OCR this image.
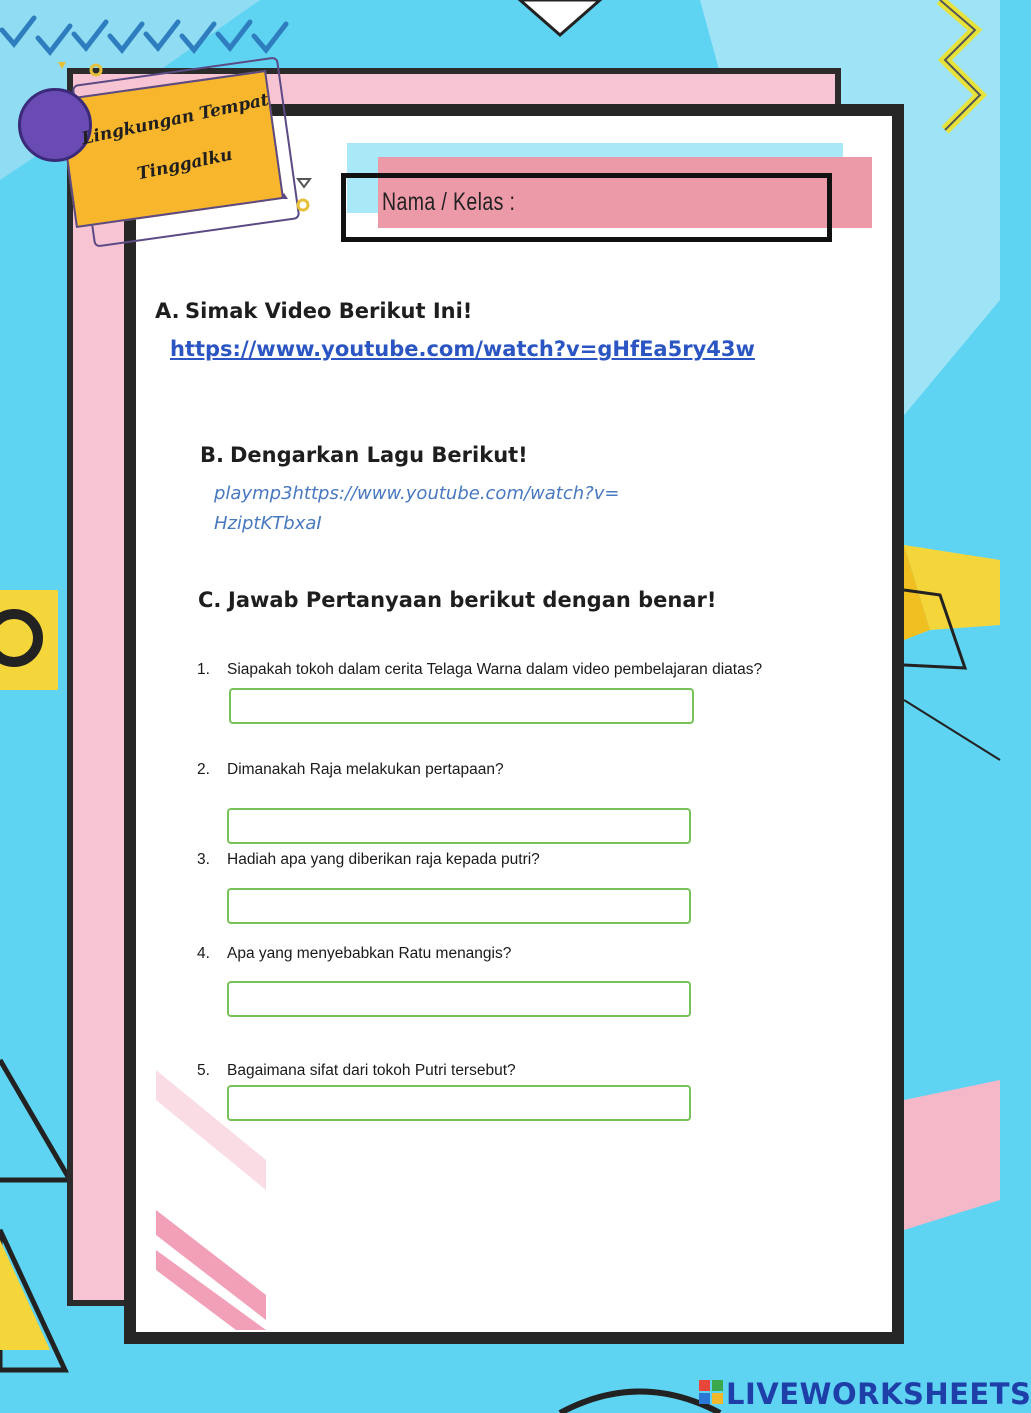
Lingkungan Tempat
Tinggalku
Nama / Kelas :
A. Simak Video Berikut Ini!
https://www.youtube.com/watch?v=gHfEa5ry43w
B. Dengarkan Lagu Berikut!
playmp3https://www.youtube.com/watch?v=
HziptKTbxaI
C. Jawab Pertanyaan berikut dengan benar!
1. Siapakah tokoh dalam cerita Telaga Warna dalam video pembelajaran diatas?
2. Dimanakah Raja melakukan pertapaan?
3. Hadiah apa yang diberikan raja kepada putri?
4. Apa yang menyebabkan Ratu menangis?
5. Bagaimana sifat dari tokoh Putri tersebut?
LIVEWORKSHEETS
